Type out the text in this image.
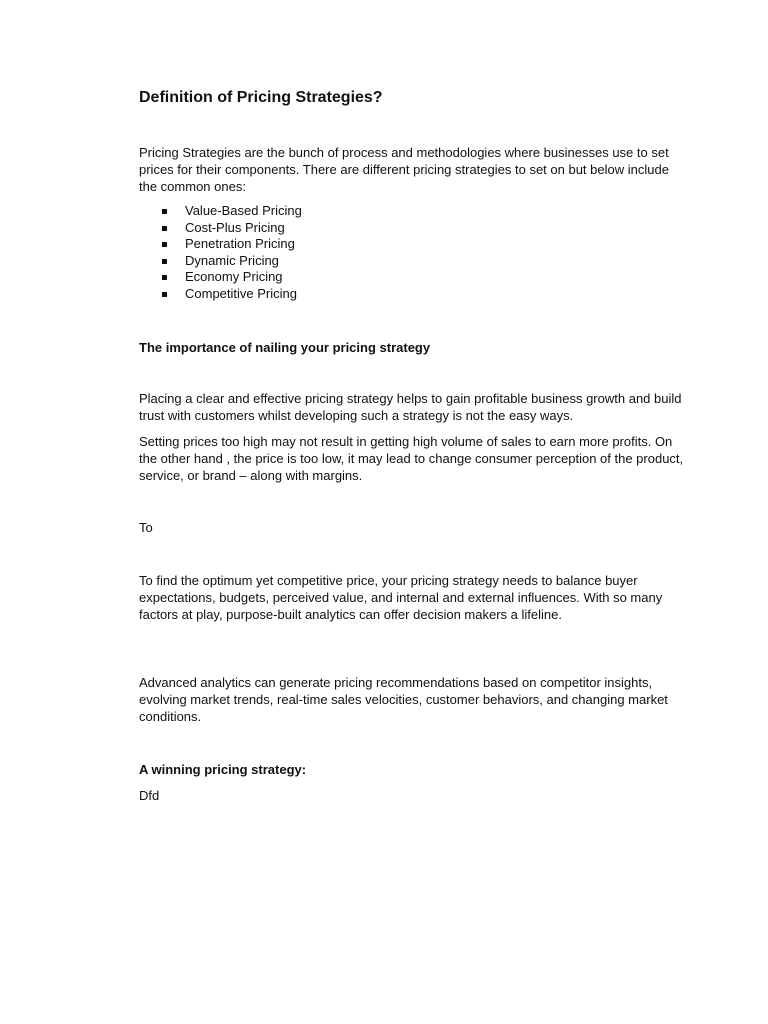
Definition of Pricing Strategies?

Pricing Strategies are the bunch of process and methodologies where businesses use to set prices for their components. There are different pricing strategies to set on but below include the common ones:

Value-Based Pricing
Cost-Plus Pricing
Penetration Pricing
Dynamic Pricing
Economy Pricing
Competitive Pricing
The importance of nailing your pricing strategy

Placing a clear and effective pricing strategy helps to gain profitable business growth and build trust with customers whilst developing such a strategy is not the easy ways.

Setting prices too high may not result in getting high volume of sales to earn more profits. On the other hand , the price is too low, it may lead to change consumer perception of the product, service, or brand – along with margins.

To

To find the optimum yet competitive price, your pricing strategy needs to balance buyer expectations, budgets, perceived value, and internal and external influences. With so many factors at play, purpose-built analytics can offer decision makers a lifeline.

Advanced analytics can generate pricing recommendations based on competitor insights, evolving market trends, real-time sales velocities, customer behaviors, and changing market conditions.

A winning pricing strategy:

Dfd
